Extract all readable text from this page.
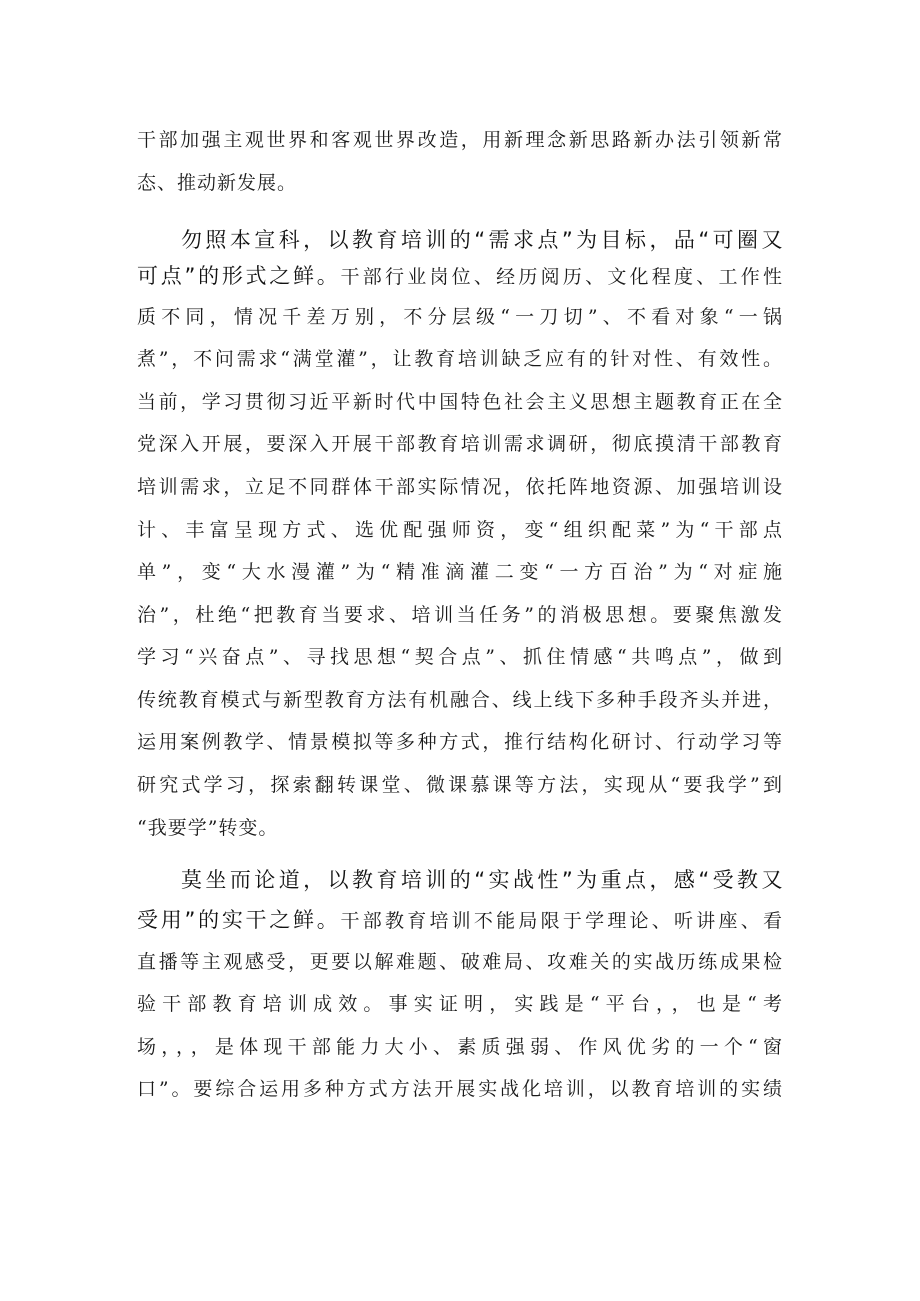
干部加强主观世界和客观世界改造，用新理念新思路新办法引领新常
态、推动新发展。
勿照本宣科，以教育培训的“需求点”为目标，品“可圈又
可点”的形式之鲜。干部行业岗位、经历阅历、文化程度、工作性
质不同，情况千差万别，不分层级“一刀切”、不看对象“一锅
煮”，不问需求“满堂灌”，让教育培训缺乏应有的针对性、有效性。
当前，学习贯彻习近平新时代中国特色社会主义思想主题教育正在全
党深入开展，要深入开展干部教育培训需求调研，彻底摸清干部教育
培训需求，立足不同群体干部实际情况，依托阵地资源、加强培训设
计、丰富呈现方式、选优配强师资，变“组织配菜”为“干部点
单”，变“大水漫灌”为“精准滴灌二变“一方百治”为“对症施
治”，杜绝“把教育当要求、培训当任务”的消极思想。要聚焦激发
学习“兴奋点”、寻找思想“契合点”、抓住情感“共鸣点”，做到
传统教育模式与新型教育方法有机融合、线上线下多种手段齐头并进，
运用案例教学、情景模拟等多种方式，推行结构化研讨、行动学习等
研究式学习，探索翻转课堂、微课慕课等方法，实现从“要我学”到
“我要学”转变。
莫坐而论道，以教育培训的“实战性”为重点，感“受教又
受用”的实干之鲜。干部教育培训不能局限于学理论、听讲座、看
直播等主观感受，更要以解难题、破难局、攻难关的实战历练成果检
验干部教育培训成效。事实证明，实践是“平台，，也是“考
场，，，是体现干部能力大小、素质强弱、作风优劣的一个“窗
口”。要综合运用多种方式方法开展实战化培训，以教育培训的实绩
